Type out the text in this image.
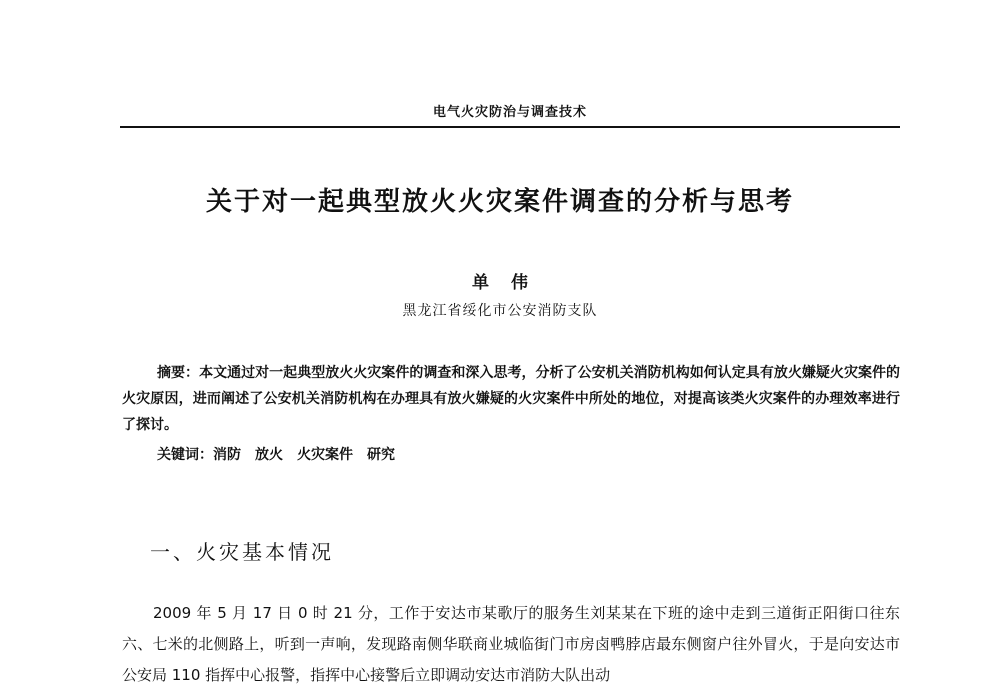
电气火灾防治与调查技术
关于对一起典型放火火灾案件调查的分析与思考
单伟
黑龙江省绥化市公安消防支队
摘要：本文通过对一起典型放火火灾案件的调查和深入思考，分析了公安机关消防机构如何认定具有放火嫌疑火灾案件的火灾原因，进而阐述了公安机关消防机构在办理具有放火嫌疑的火灾案件中所处的地位，对提高该类火灾案件的办理效率进行了探讨。
关键词：消防 放火 火灾案件 研究
一、火灾基本情况
2009 年 5 月 17 日 0 时 21 分，工作于安达市某歌厅的服务生刘某某在下班的途中走到三道街正阳街口往东六、七米的北侧路上，听到一声响，发现路南侧华联商业城临街门市房卤鸭脖店最东侧窗户往外冒火，于是向安达市公安局 110 指挥中心报警，指挥中心接警后立即调动安达市消防大队出动
